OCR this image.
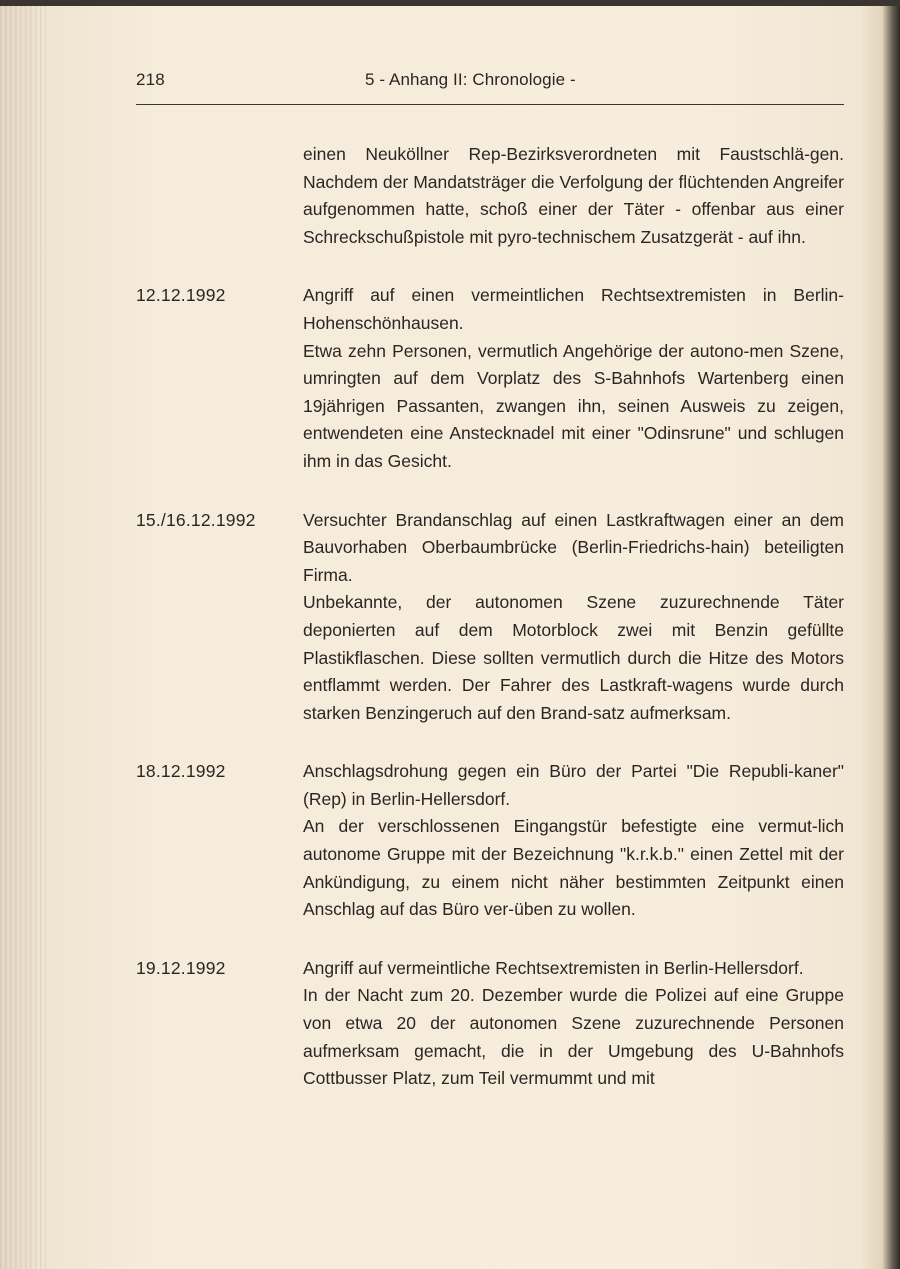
218	5 - Anhang II: Chronologie -

einen Neuköllner Rep-Bezirksverordneten mit Faustschlä-gen. Nachdem der Mandatsträger die Verfolgung der flüchtenden Angreifer aufgenommen hatte, schoß einer der Täter - offenbar aus einer Schreckschußpistole mit pyro-technischem Zusatzgerät - auf ihn.

12.12.1992	Angriff auf einen vermeintlichen Rechtsextremisten in Berlin-Hohenschönhausen.

Etwa zehn Personen, vermutlich Angehörige der autono-men Szene, umringten auf dem Vorplatz des S-Bahnhofs Wartenberg einen 19jährigen Passanten, zwangen ihn, seinen Ausweis zu zeigen, entwendeten eine Anstecknadel mit einer "Odinsrune" und schlugen ihm in das Gesicht.

15./16.12.1992	Versuchter Brandanschlag auf einen Lastkraftwagen einer an dem Bauvorhaben Oberbaumbrücke (Berlin-Friedrichs-hain) beteiligten Firma.

Unbekannte, der autonomen Szene zuzurechnende Täter deponierten auf dem Motorblock zwei mit Benzin gefüllte Plastikflaschen. Diese sollten vermutlich durch die Hitze des Motors entflammt werden. Der Fahrer des Lastkraft-wagens wurde durch starken Benzingeruch auf den Brand-satz aufmerksam.

18.12.1992	Anschlagsdrohung gegen ein Büro der Partei "Die Republi-kaner" (Rep) in Berlin-Hellersdorf.

An der verschlossenen Eingangstür befestigte eine vermut-lich autonome Gruppe mit der Bezeichnung "k.r.k.b." einen Zettel mit der Ankündigung, zu einem nicht näher bestimmten Zeitpunkt einen Anschlag auf das Büro ver-üben zu wollen.

19.12.1992	Angriff auf vermeintliche Rechtsextremisten in Berlin-Hellersdorf.

In der Nacht zum 20. Dezember wurde die Polizei auf eine Gruppe von etwa 20 der autonomen Szene zuzurechnende Personen aufmerksam gemacht, die in der Umgebung des U-Bahnhofs Cottbusser Platz, zum Teil vermummt und mit
